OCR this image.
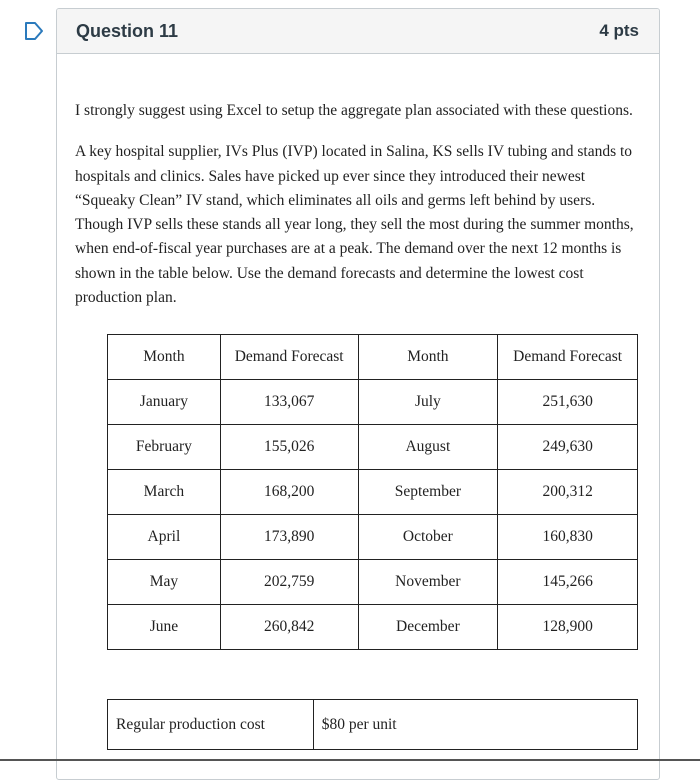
Question 11	4 pts

I strongly suggest using Excel to setup the aggregate plan associated with these questions.

A key hospital supplier, IVs Plus (IVP) located in Salina, KS sells IV tubing and stands to hospitals and clinics. Sales have picked up ever since they introduced their newest “Squeaky Clean” IV stand, which eliminates all oils and germs left behind by users. Though IVP sells these stands all year long, they sell the most during the summer months, when end-of-fiscal year purchases are at a peak. The demand over the next 12 months is shown in the table below. Use the demand forecasts and determine the lowest cost production plan.

Month	Demand Forecast	Month	Demand Forecast
January	133,067	July	251,630
February	155,026	August	249,630
March	168,200	September	200,312
April	173,890	October	160,830
May	202,759	November	145,266
June	260,842	December	128,900
Regular production cost	$80 per unit
